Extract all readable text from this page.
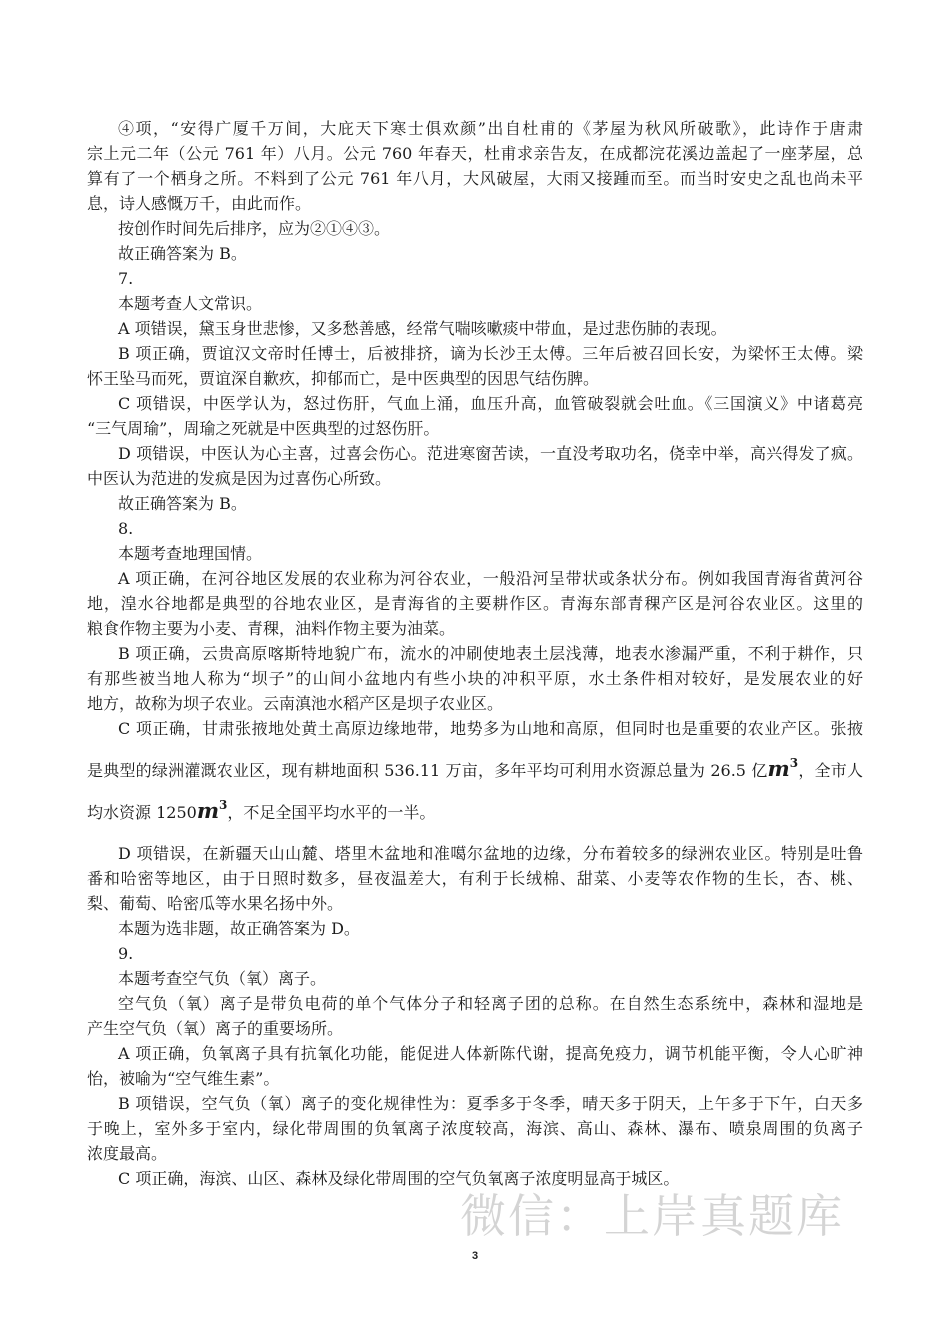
④项，“安得广厦千万间，大庇天下寒士俱欢颜”出自杜甫的《茅屋为秋风所破歌》，此诗作于唐肃
宗上元二年（公元 761 年）八月。公元 760 年春天，杜甫求亲告友，在成都浣花溪边盖起了一座茅屋，总
算有了一个栖身之所。不料到了公元 761 年八月，大风破屋，大雨又接踵而至。而当时安史之乱也尚未平
息，诗人感慨万千，由此而作。
按创作时间先后排序，应为②①④③。
故正确答案为 B。
7.
本题考查人文常识。
A 项错误，黛玉身世悲惨，又多愁善感，经常气喘咳嗽痰中带血，是过悲伤肺的表现。
B 项正确，贾谊汉文帝时任博士，后被排挤，谪为长沙王太傅。三年后被召回长安，为梁怀王太傅。梁
怀王坠马而死，贾谊深自歉疚，抑郁而亡，是中医典型的因思气结伤脾。
C 项错误，中医学认为，怒过伤肝，气血上涌，血压升高，血管破裂就会吐血。《三国演义》中诸葛亮
“三气周瑜”，周瑜之死就是中医典型的过怒伤肝。
D 项错误，中医认为心主喜，过喜会伤心。范进寒窗苦读，一直没考取功名，侥幸中举，高兴得发了疯。
中医认为范进的发疯是因为过喜伤心所致。
故正确答案为 B。
8.
本题考查地理国情。
A 项正确，在河谷地区发展的农业称为河谷农业，一般沿河呈带状或条状分布。例如我国青海省黄河谷
地，湟水谷地都是典型的谷地农业区，是青海省的主要耕作区。青海东部青稞产区是河谷农业区。这里的
粮食作物主要为小麦、青稞，油料作物主要为油菜。
B 项正确，云贵高原喀斯特地貌广布，流水的冲刷使地表土层浅薄，地表水渗漏严重，不利于耕作，只
有那些被当地人称为“坝子”的山间小盆地内有些小块的冲积平原，水土条件相对较好，是发展农业的好
地方，故称为坝子农业。云南滇池水稻产区是坝子农业区。
C 项正确，甘肃张掖地处黄土高原边缘地带，地势多为山地和高原，但同时也是重要的农业产区。张掖
是典型的绿洲灌溉农业区，现有耕地面积 536.11 万亩，多年平均可利用水资源总量为 26.5 亿$m^3$，全市人
均水资源 $1250m^3$，不足全国平均水平的一半。
D 项错误，在新疆天山山麓、塔里木盆地和准噶尔盆地的边缘，分布着较多的绿洲农业区。特别是吐鲁
番和哈密等地区，由于日照时数多，昼夜温差大，有利于长绒棉、甜菜、小麦等农作物的生长，杏、桃、
梨、葡萄、哈密瓜等水果名扬中外。
本题为选非题，故正确答案为 D。
9.
本题考查空气负（氧）离子。
空气负（氧）离子是带负电荷的单个气体分子和轻离子团的总称。在自然生态系统中，森林和湿地是
产生空气负（氧）离子的重要场所。
A 项正确，负氧离子具有抗氧化功能，能促进人体新陈代谢，提高免疫力，调节机能平衡，令人心旷神
怡，被喻为“空气维生素”。
B 项错误，空气负（氧）离子的变化规律性为：夏季多于冬季，晴天多于阴天，上午多于下午，白天多
于晚上，室外多于室内，绿化带周围的负氧离子浓度较高，海滨、高山、森林、瀑布、喷泉周围的负离子
浓度最高。
C 项正确，海滨、山区、森林及绿化带周围的空气负氧离子浓度明显高于城区。
微信：上岸真题库
3
